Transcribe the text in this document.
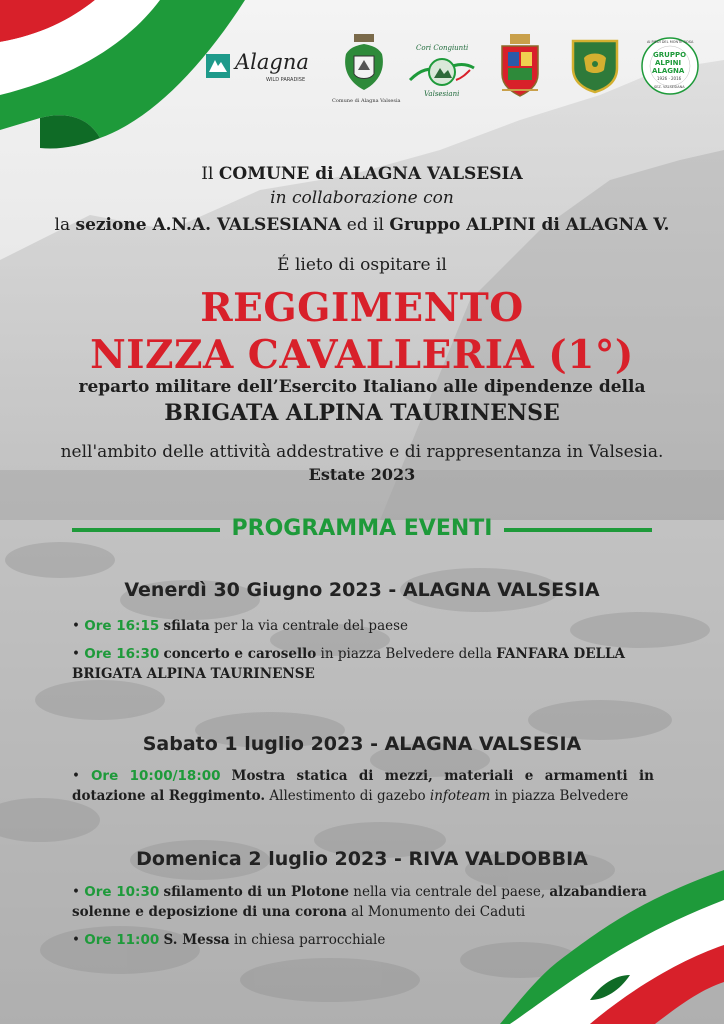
Alagna
WILD PARADISE
Comune di Alagna Valsesia
Cori Congiunti
Valsesiani
GRUPPO
ALPINI
ALAGNA
1926 · 2016
AI PIEDI DEL MONTE ROSA
SEZ. VALSESIANA
Il COMUNE di ALAGNA VALSESIA
in collaborazione con
la sezione A.N.A. VALSESIANA ed il Gruppo ALPINI di ALAGNA V.
É lieto di ospitare il
REGGIMENTO
NIZZA CAVALLERIA (1°)
reparto militare dell’Esercito Italiano alle dipendenze della
BRIGATA ALPINA TAURINENSE
nell'ambito delle attività addestrative e di rappresentanza in Valsesia.
Estate 2023
PROGRAMMA EVENTI
Venerdì 30 Giugno 2023 - ALAGNA VALSESIA
• Ore 16:15 sfilata per la via centrale del paese
• Ore 16:30 concerto e carosello in piazza Belvedere della FANFARA DELLA BRIGATA ALPINA TAURINENSE
Sabato 1 luglio 2023 - ALAGNA VALSESIA
• Ore 10:00/18:00 Mostra statica di mezzi, materiali e armamenti in dotazione al Reggimento. Allestimento di gazebo infoteam in piazza Belvedere
Domenica 2 luglio 2023 - RIVA VALDOBBIA
• Ore 10:30 sfilamento di un Plotone nella via centrale del paese, alzabandiera solenne e deposizione di una corona al Monumento dei Caduti
• Ore 11:00 S. Messa in chiesa parrocchiale
